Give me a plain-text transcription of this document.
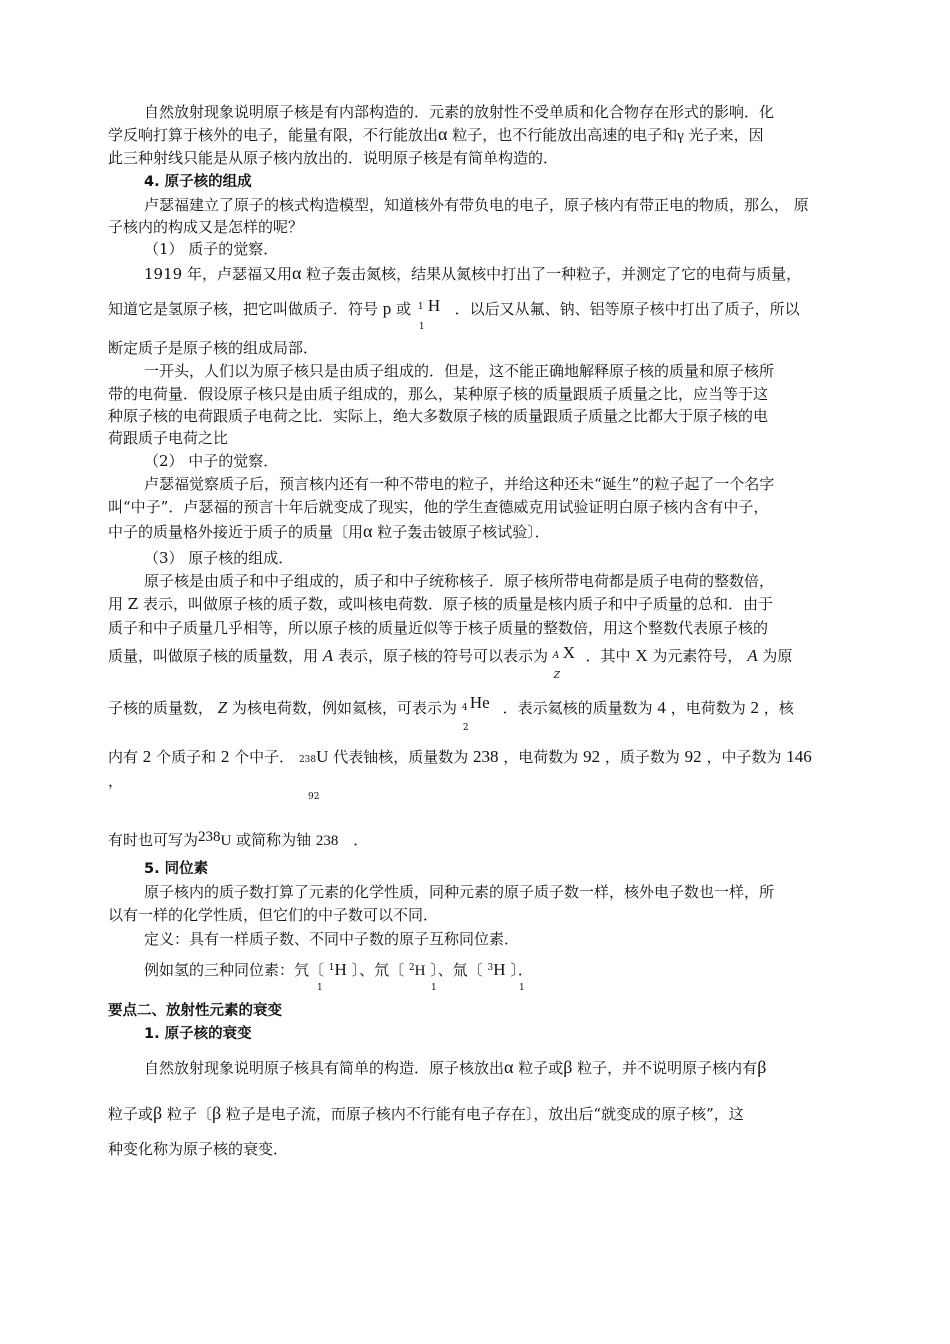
自然放射现象说明原子核是有内部构造的．元素的放射性不受单质和化合物存在形式的影响．化
学反响打算于核外的电子，能量有限，不行能放出α 粒子，也不行能放出高速的电子和γ 光子来，因
此三种射线只能是从原子核内放出的．说明原子核是有简单构造的．
4. 原子核的组成
卢瑟福建立了原子的核式构造模型，知道核外有带负电的电子，原子核内有带正电的物质，那么， 原
子核内的构成又是怎样的呢？
（1） 质子的觉察．
1919 年，卢瑟福又用α 粒子轰击氮核，结果从氮核中打出了一种粒子，并测定了它的电荷与质量，
知道它是氢原子核，把它叫做质子．符号 p 或 1 H
1
．以后又从氟、钠、铝等原子核中打出了质子，所以
断定质子是原子核的组成局部．
一开头，人们以为原子核只是由质子组成的．但是，这不能正确地解释原子核的质量和原子核所
带的电荷量．假设原子核只是由质子组成的，那么，某种原子核的质量跟质子质量之比，应当等于这
种原子核的电荷跟质子电荷之比．实际上，绝大多数原子核的质量跟质子质量之比都大于原子核的电
荷跟质子电荷之比
（2） 中子的觉察．
卢瑟福觉察质子后，预言核内还有一种不带电的粒子，并给这种还未“诞生”的粒子起了一个名字
叫“中子”．卢瑟福的预言十年后就变成了现实，他的学生查德威克用试验证明白原子核内含有中子，
中子的质量格外接近于质子的质量〔用α 粒子轰击铍原子核试验〕．
（3） 原子核的组成．
原子核是由质子和中子组成的，质子和中子统称核子．原子核所带电荷都是质子电荷的整数倍，
用 Z 表示，叫做原子核的质子数，或叫核电荷数．原子核的质量是核内质子和中子质量的总和．由于
质子和中子质量几乎相等，所以原子核的质量近似等于核子质量的整数倍，用这个整数代表原子核的
质量，叫做原子核的质量数，用 A 表示，原子核的符号可以表示为 A X
Z
．其中 X 为元素符号， A 为原
子核的质量数， Z 为核电荷数，例如氦核，可表示为 4 He
2
．表示氦核的质量数为 4 ，电荷数为 2 ，核
内有 2 个质子和 2 个中子． 238U 代表铀核，质量数为 238 ，电荷数为 92 ，质子数为 92 ，中子数为 146
，
92
有时也可写为238U 或简称为铀 238 ．
5. 同位素
原子核内的质子数打算了元素的化学性质，同种元素的原子质子数一样，核外电子数也一样，所
以有一样的化学性质，但它们的中子数可以不同．
定义：具有一样质子数、不同中子数的原子互称同位素．
例如氢的三种同位素：氕〔 $^1$H 〕、氘〔 $^2$H 〕、氚〔 $^3$H 〕．
1	1	1
要点二、放射性元素的衰变
1. 原子核的衰变
自然放射现象说明原子核具有简单的构造．原子核放出α 粒子或β 粒子，并不说明原子核内有β
粒子或β 粒子〔β 粒子是电子流，而原子核内不行能有电子存在〕，放出后“就变成的原子核”，这
种变化称为原子核的衰变．
